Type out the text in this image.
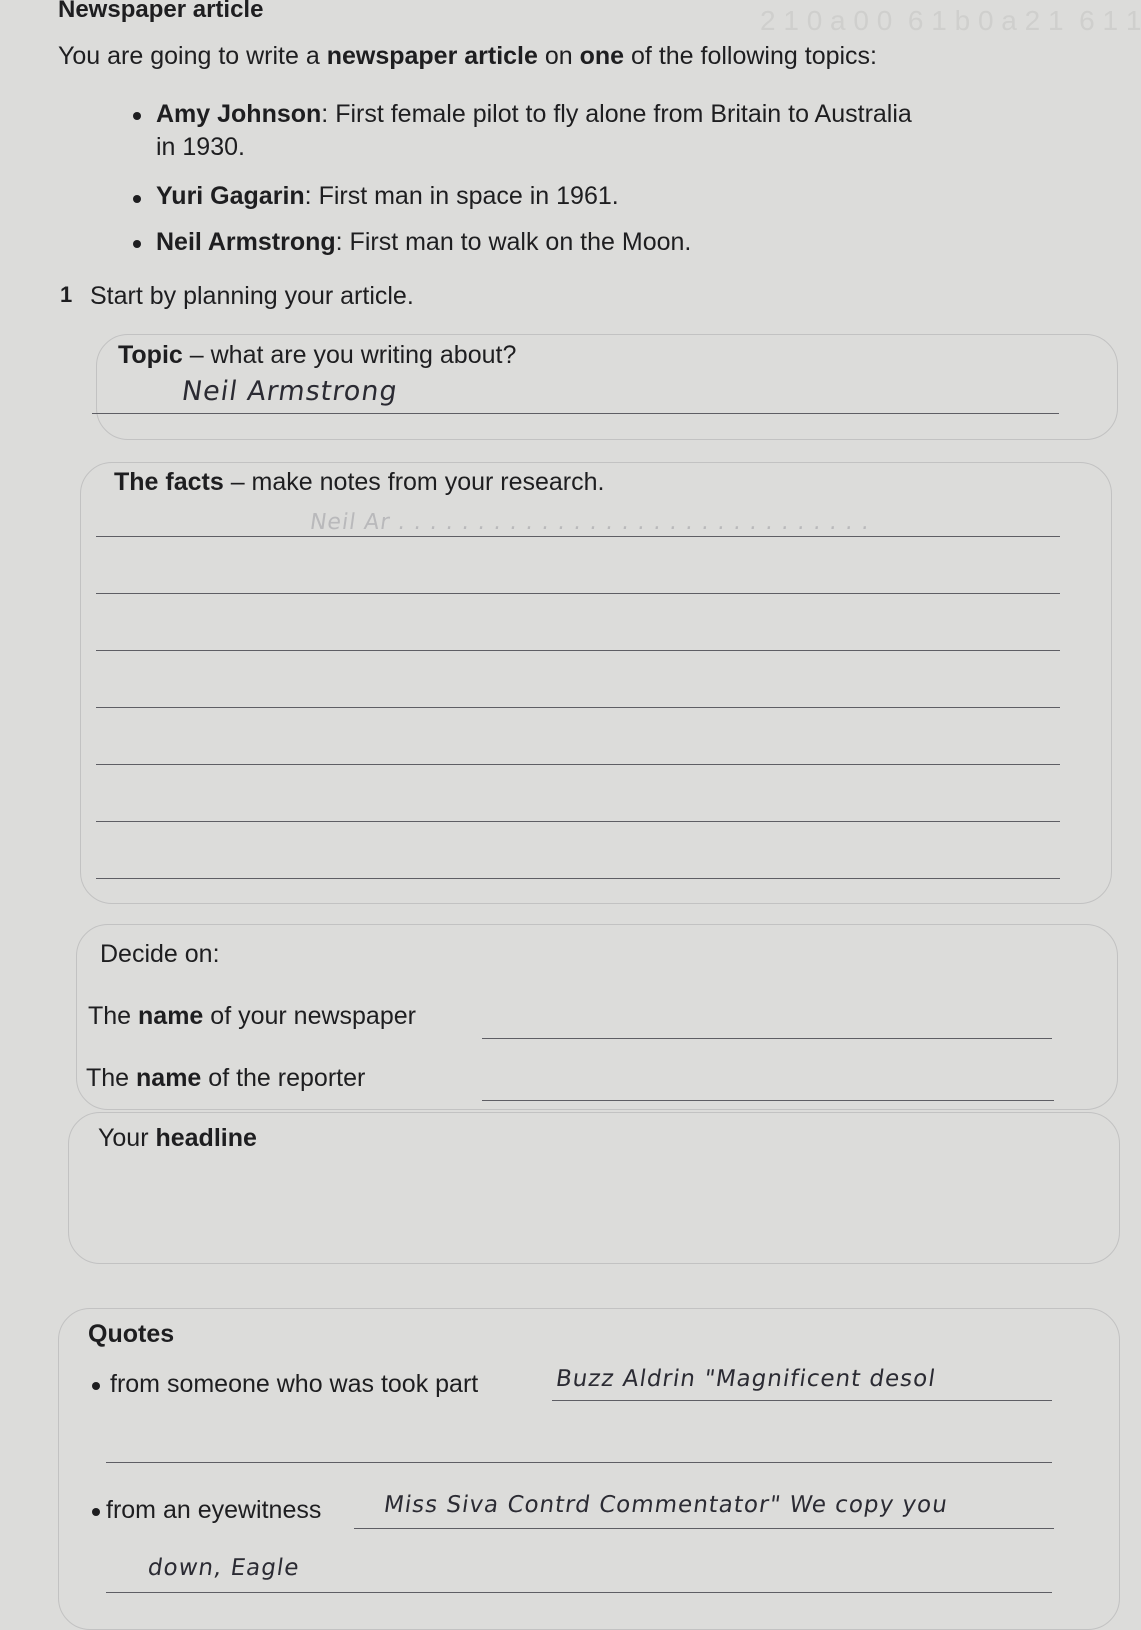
2 1 0 a 0 0  6 1 b 0 a 2 1  6 1 1
Newspaper article
You are going to write a newspaper article on one of the following topics:
Amy Johnson: First female pilot to fly alone from Britain to Australia
in 1930.
Yuri Gagarin: First man in space in 1961.
Neil Armstrong: First man to walk on the Moon.
1 Start by planning your article.
Topic – what are you writing about?
Neil Armstrong
The facts – make notes from your research.
Neil Ar . . . . . . . . . . . . . . . . . . . . . . . . . . . . . .
Decide on:
The name of your newspaper
The name of the reporter
Your headline
Quotes
from someone who was took part	Buzz Aldrin "Magnificent desol
from an eyewitness	Miss Siva Contrd Commentator" We copy you
down, Eagle
